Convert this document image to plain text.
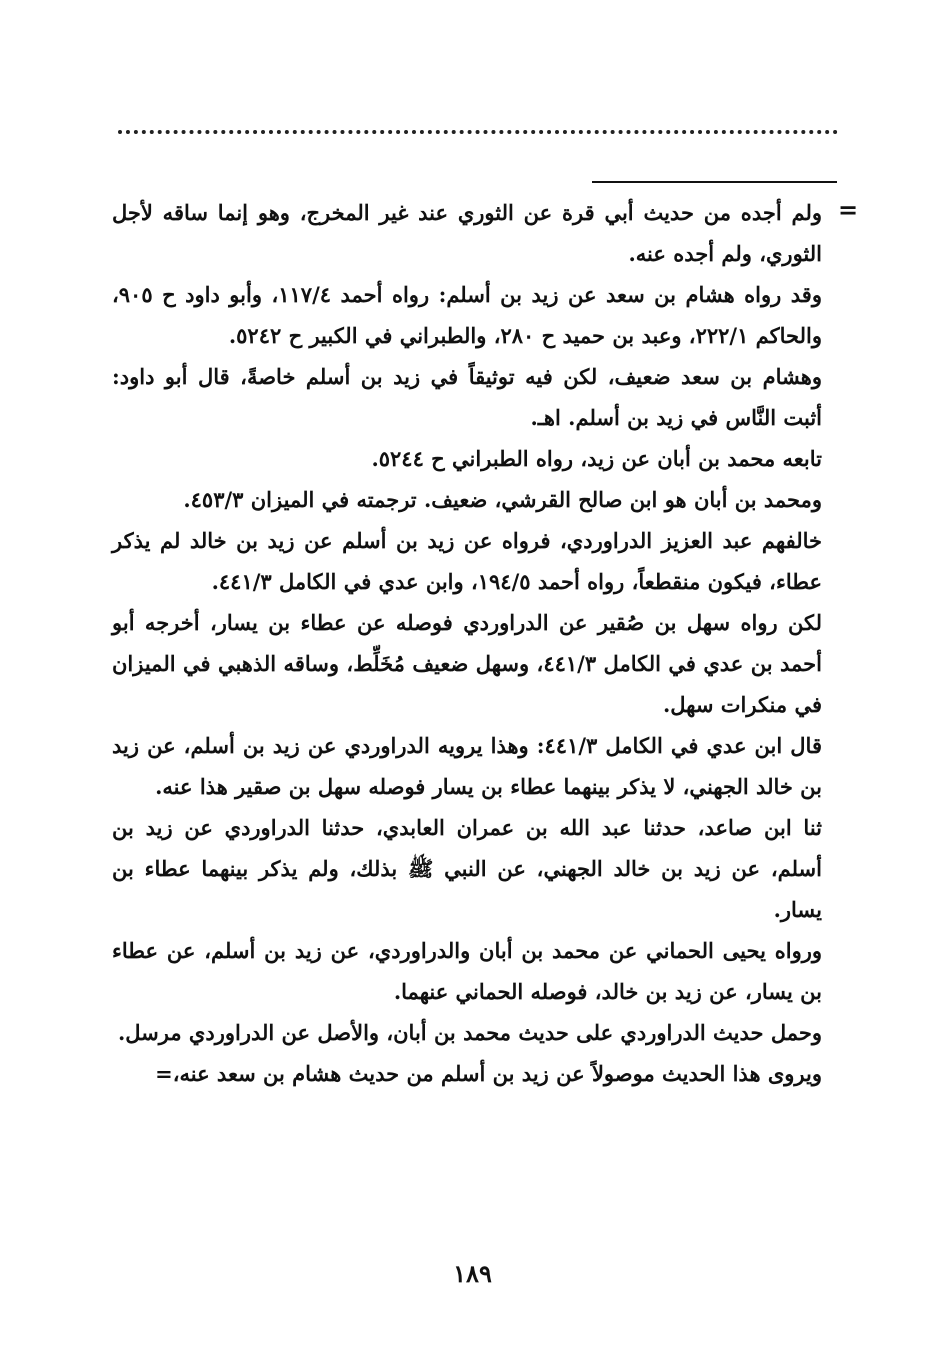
=

ولم أجده من حديث أبي قرة عن الثوري عند غير المخرج، وهو إنما ساقه لأجل الثوري، ولم أجده عنه.

وقد رواه هشام بن سعد عن زيد بن أسلم: رواه أحمد ١١٧/٤، وأبو داود ح ٩٠٥، والحاكم ٢٢٢/١، وعبد بن حميد ح ٢٨٠، والطبراني في الكبير ح ٥٢٤٢.

وهشام بن سعد ضعيف، لكن فيه توثيقاً في زيد بن أسلم خاصةً، قال أبو داود: أثبت النَّاس في زيد بن أسلم. اهـ.

تابعه محمد بن أبان عن زيد، رواه الطبراني ح ٥٢٤٤.

ومحمد بن أبان هو ابن صالح القرشي، ضعيف. ترجمته في الميزان ٤٥٣/٣.

خالفهم عبد العزيز الدراوردي، فرواه عن زيد بن أسلم عن زيد بن خالد لم يذكر عطاء، فيكون منقطعاً، رواه أحمد ١٩٤/٥، وابن عدي في الكامل ٤٤١/٣.

لكن رواه سهل بن صُقير عن الدراوردي فوصله عن عطاء بن يسار، أخرجه أبو أحمد بن عدي في الكامل ٤٤١/٣، وسهل ضعيف مُخَلِّط، وساقه الذهبي في الميزان في منكرات سهل.

قال ابن عدي في الكامل ٤٤١/٣: وهذا يرويه الدراوردي عن زيد بن أسلم، عن زيد بن خالد الجهني، لا يذكر بينهما عطاء بن يسار فوصله سهل بن صقير هذا عنه.

ثنا ابن صاعد، حدثنا عبد الله بن عمران العابدي، حدثنا الدراوردي عن زيد بن أسلم، عن زيد بن خالد الجهني، عن النبي ﷺ بذلك، ولم يذكر بينهما عطاء بن يسار.

ورواه يحيى الحماني عن محمد بن أبان والدراوردي، عن زيد بن أسلم، عن عطاء بن يسار، عن زيد بن خالد، فوصله الحماني عنهما.

وحمل حديث الدراوردي على حديث محمد بن أبان، والأصل عن الدراوردي مرسل.

ويروى هذا الحديث موصولاً عن زيد بن أسلم من حديث هشام بن سعد عنه،=

١٨٩
